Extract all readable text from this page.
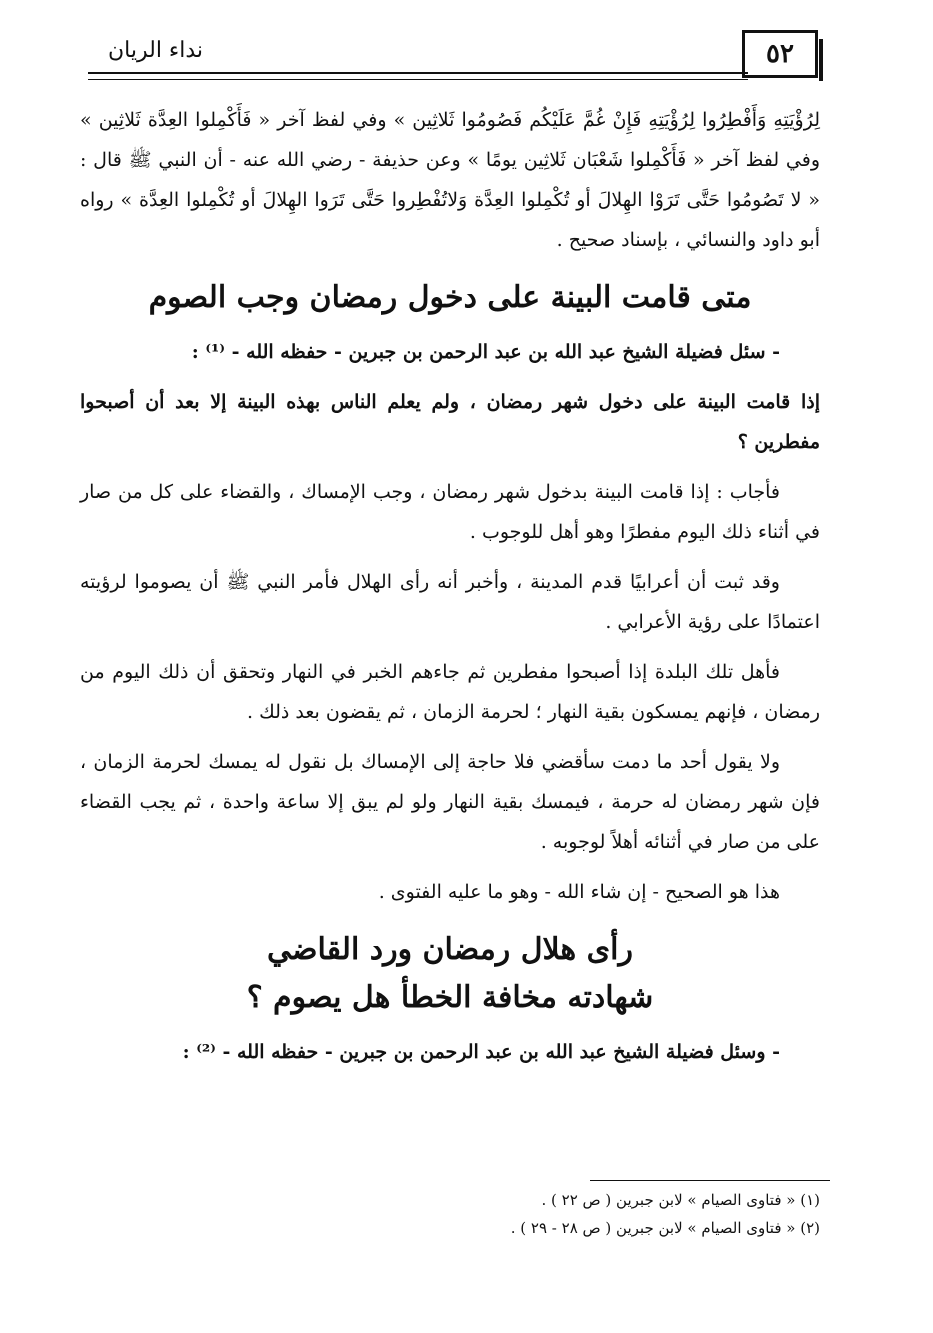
٥٢
نداء الريان

لِرُؤْيَتِهِ وَأَفْطِرُوا لِرُؤْيَتِهِ فَإِنْ غُمَّ عَلَيْكُم فَصُومُوا ثَلاثِين » وفي لفظ آخر « فَأَكْمِلوا العِدَّة ثَلاثِين » وفي لفظ آخر « فَأَكْمِلوا شَعْبَان ثَلاثِين يومًا » وعن حذيفة - رضي الله عنه - أن النبي ﷺ قال : « لا تَصُومُوا حَتَّى تَرَوْا الهِلالَ أو تُكْمِلوا العِدَّة وَلاتُفْطِروا حَتَّى تَرَوا الهِلالَ أو تُكْمِلوا العِدَّة » رواه أبو داود والنسائي ، بإسناد صحيح .

متى قامت البينة على دخول رمضان وجب الصوم

- سئل فضيلة الشيخ عبد الله بن عبد الرحمن بن جبرين - حفظه الله - ⁽¹⁾ :

إذا قامت البينة على دخول شهر رمضان ، ولم يعلم الناس بهذه البينة إلا بعد أن أصبحوا مفطرين ؟

فأجاب : إذا قامت البينة بدخول شهر رمضان ، وجب الإمساك ، والقضاء على كل من صار في أثناء ذلك اليوم مفطرًا وهو أهل للوجوب .

وقد ثبت أن أعرابيًا قدم المدينة ، وأخبر أنه رأى الهلال فأمر النبي ﷺ أن يصوموا لرؤيته اعتمادًا على رؤية الأعرابي .

فأهل تلك البلدة إذا أصبحوا مفطرين ثم جاءهم الخبر في النهار وتحقق أن ذلك اليوم من رمضان ، فإنهم يمسكون بقية النهار ؛ لحرمة الزمان ، ثم يقضون بعد ذلك .

ولا يقول أحد ما دمت سأقضي فلا حاجة إلى الإمساك بل نقول له يمسك لحرمة الزمان ، فإن شهر رمضان له حرمة ، فيمسك بقية النهار ولو لم يبق إلا ساعة واحدة ، ثم يجب القضاء على من صار في أثنائه أهلاً لوجوبه .

هذا هو الصحيح - إن شاء الله - وهو ما عليه الفتوى .

رأى هلال رمضان ورد القاضي
شهادته مخافة الخطأ هل يصوم ؟

- وسئل فضيلة الشيخ عبد الله بن عبد الرحمن بن جبرين - حفظه الله - ⁽²⁾ :

(١) « فتاوى الصيام » لابن جبرين ( ص ٢٢ ) .
(٢) « فتاوى الصيام » لابن جبرين ( ص ٢٨ - ٢٩ ) .
